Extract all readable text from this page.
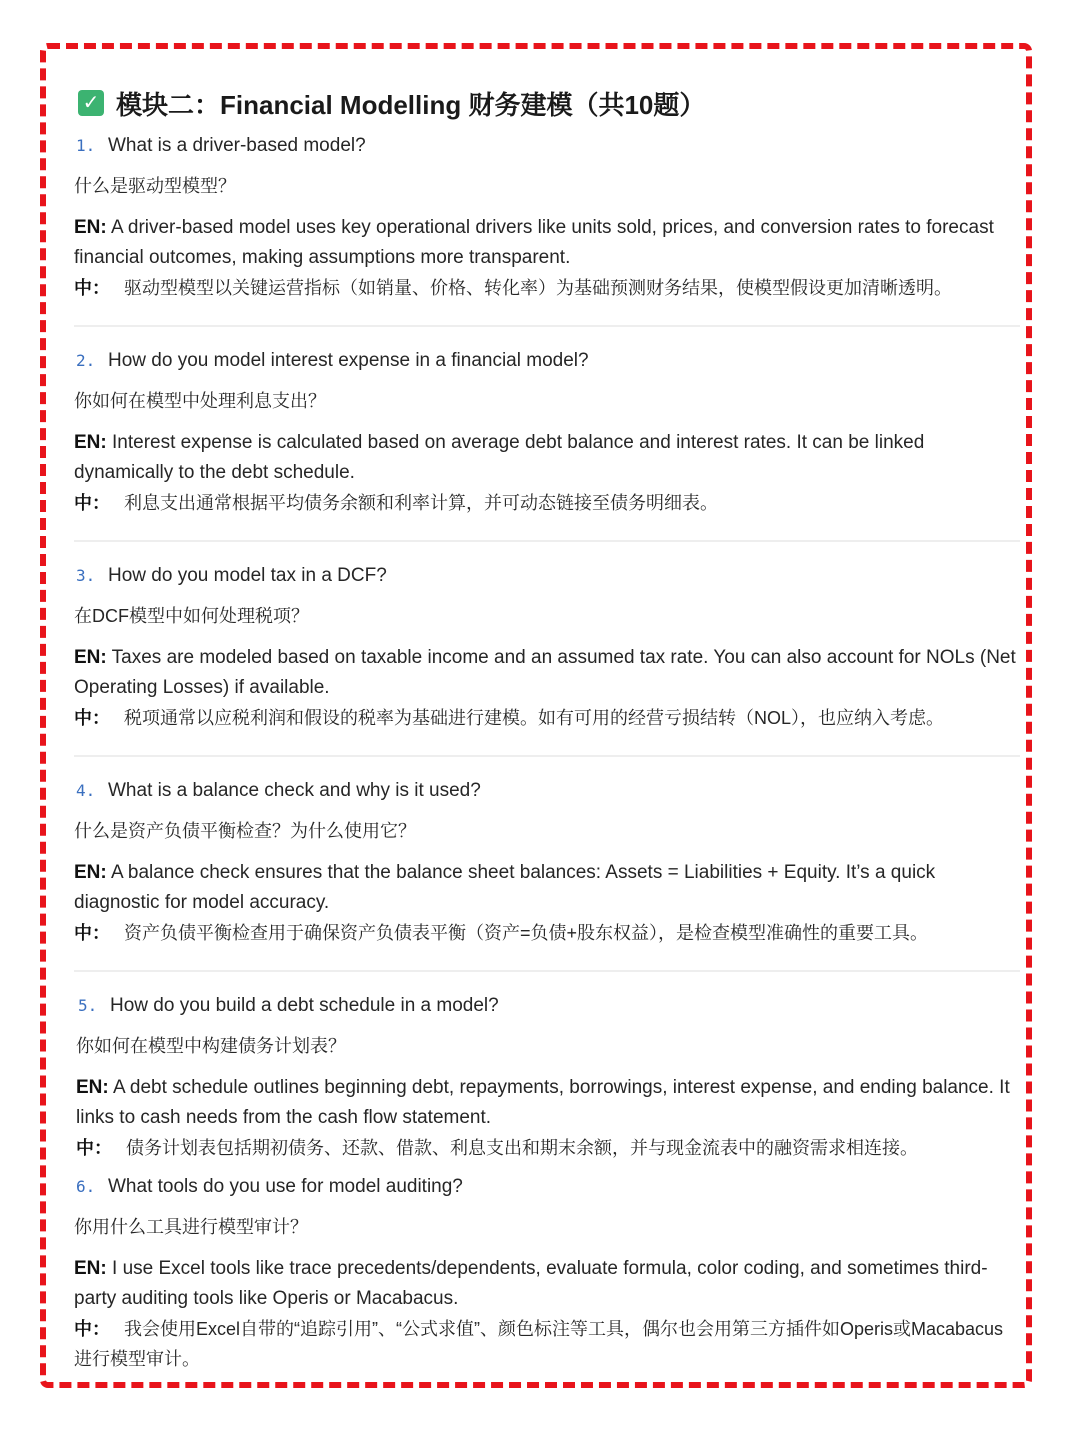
✓ 模块二：Financial Modelling 财务建模（共10题）
1. What is a driver-based model?
什么是驱动型模型？
EN: A driver-based model uses key operational drivers like units sold, prices, and conversion rates to forecast financial outcomes, making assumptions more transparent.
中： 驱动型模型以关键运营指标（如销量、价格、转化率）为基础预测财务结果，使模型假设更加清晰透明。
2. How do you model interest expense in a financial model?
你如何在模型中处理利息支出？
EN: Interest expense is calculated based on average debt balance and interest rates. It can be linked dynamically to the debt schedule.
中： 利息支出通常根据平均债务余额和利率计算，并可动态链接至债务明细表。
3. How do you model tax in a DCF?
在DCF模型中如何处理税项？
EN: Taxes are modeled based on taxable income and an assumed tax rate. You can also account for NOLs (Net Operating Losses) if available.
中： 税项通常以应税利润和假设的税率为基础进行建模。如有可用的经营亏损结转（NOL），也应纳入考虑。
4. What is a balance check and why is it used?
什么是资产负债平衡检查？为什么使用它？
EN: A balance check ensures that the balance sheet balances: Assets = Liabilities + Equity. It’s a quick diagnostic for model accuracy.
中： 资产负债平衡检查用于确保资产负债表平衡（资产=负债+股东权益），是检查模型准确性的重要工具。
5. How do you build a debt schedule in a model?
你如何在模型中构建债务计划表？
EN: A debt schedule outlines beginning debt, repayments, borrowings, interest expense, and ending balance. It links to cash needs from the cash flow statement.
中： 债务计划表包括期初债务、还款、借款、利息支出和期末余额，并与现金流表中的融资需求相连接。
6. What tools do you use for model auditing?
你用什么工具进行模型审计？
EN: I use Excel tools like trace precedents/dependents, evaluate formula, color coding, and sometimes third-party auditing tools like Operis or Macabacus.
中： 我会使用Excel自带的“追踪引用”、“公式求值”、颜色标注等工具，偶尔也会用第三方插件如Operis或Macabacus进行模型审计。
